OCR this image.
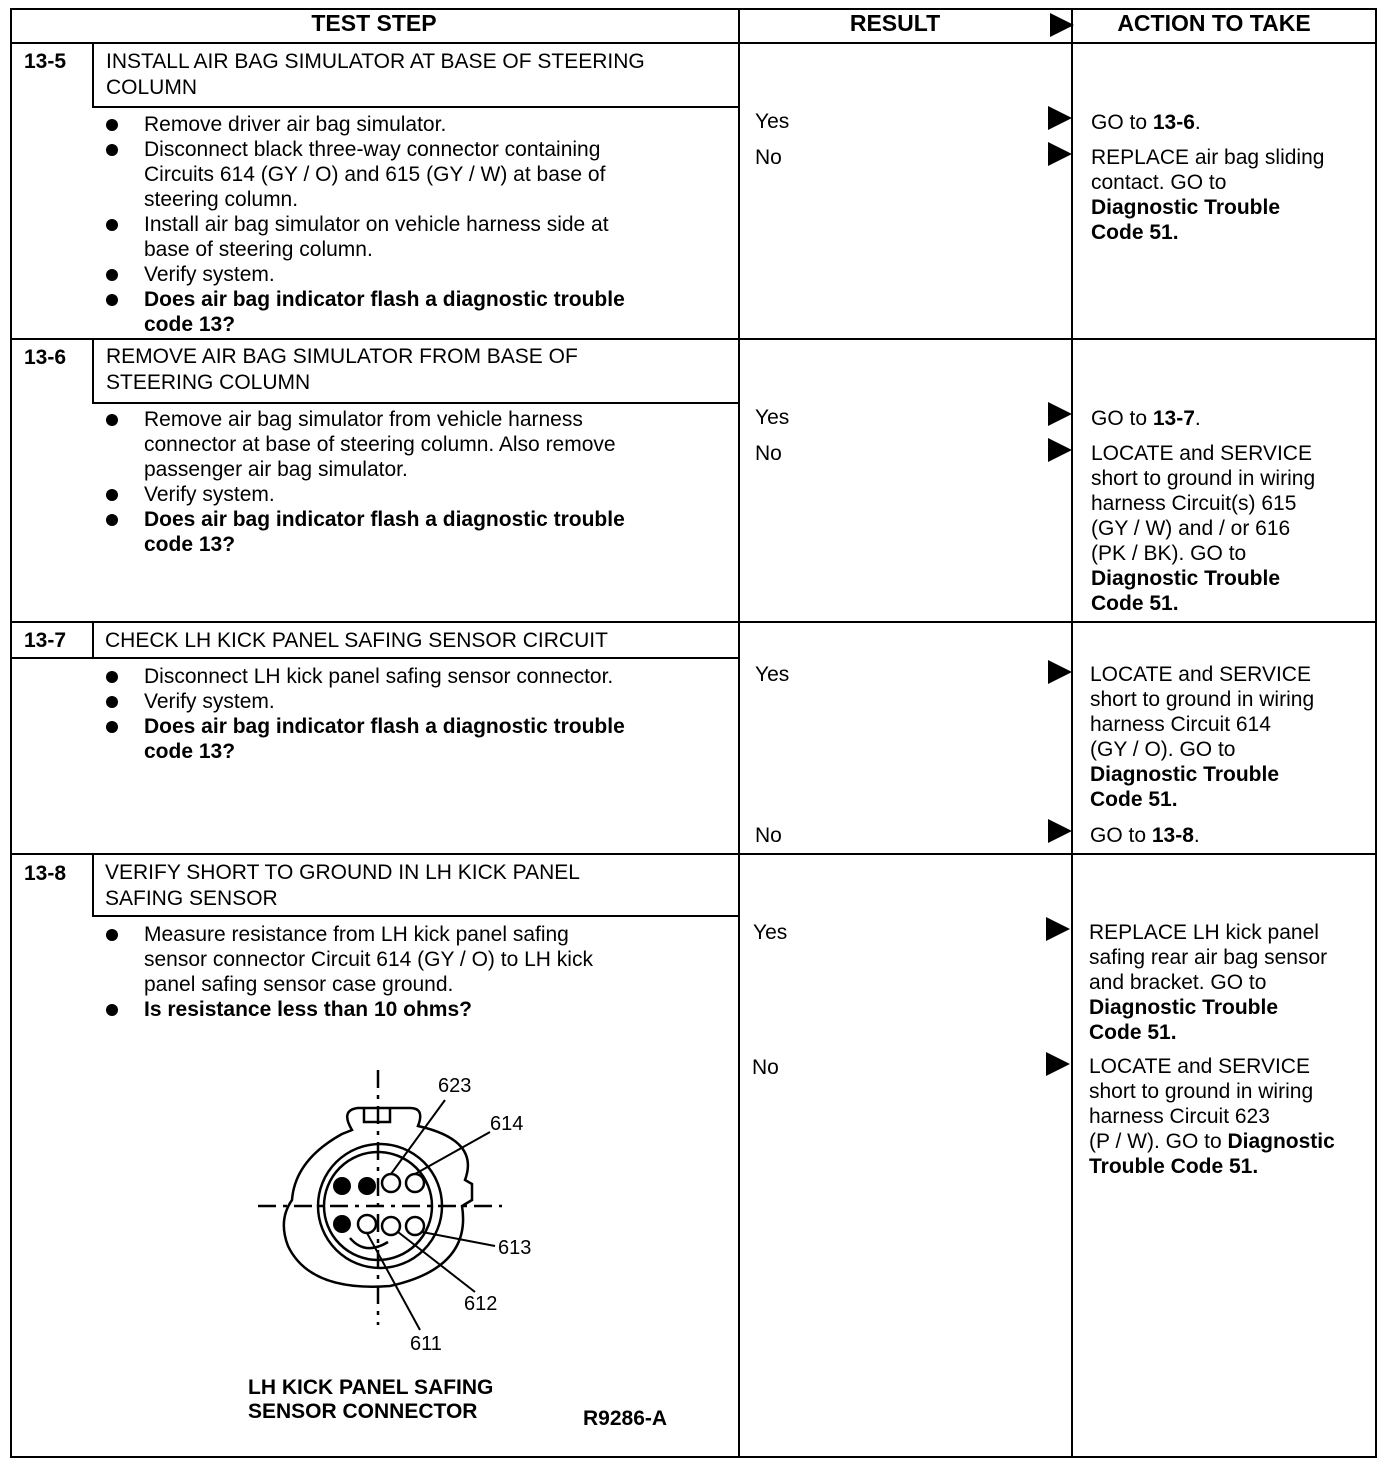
TEST STEP	RESULT	ACTION TO TAKE
13-5 INSTALL AIR BAG SIMULATOR AT BASE OF STEERING
COLUMN
Remove driver air bag simulator.
Disconnect black three-way connector containing
Circuits 614 (GY / O) and 615 (GY / W) at base of
steering column.
Install air bag simulator on vehicle harness side at
base of steering column.
Verify system.
Does air bag indicator flash a diagnostic trouble
code 13?
Yes	GO to 13-6.
No	REPLACE air bag sliding
contact. GO to
Diagnostic Trouble
Code 51.
13-6 REMOVE AIR BAG SIMULATOR FROM BASE OF
STEERING COLUMN
Remove air bag simulator from vehicle harness
connector at base of steering column. Also remove
passenger air bag simulator.
Verify system.
Does air bag indicator flash a diagnostic trouble
code 13?
Yes	GO to 13-7.
No	LOCATE and SERVICE
short to ground in wiring
harness Circuit(s) 615
(GY / W) and / or 616
(PK / BK). GO to
Diagnostic Trouble
Code 51.
13-7 CHECK LH KICK PANEL SAFING SENSOR CIRCUIT
Disconnect LH kick panel safing sensor connector.
Verify system.
Does air bag indicator flash a diagnostic trouble
code 13?
Yes	LOCATE and SERVICE
short to ground in wiring
harness Circuit 614
(GY / O). GO to
Diagnostic Trouble
Code 51.
No	GO to 13-8.
13-8 VERIFY SHORT TO GROUND IN LH KICK PANEL
SAFING SENSOR
Measure resistance from LH kick panel safing
sensor connector Circuit 614 (GY / O) to LH kick
panel safing sensor case ground.
Is resistance less than 10 ohms?
Yes	REPLACE LH kick panel
safing rear air bag sensor
and bracket. GO to
Diagnostic Trouble
Code 51.
No	LOCATE and SERVICE
short to ground in wiring
harness Circuit 623
(P / W). GO to Diagnostic
Trouble Code 51.
623
614
613
612
611
LH KICK PANEL SAFING
SENSOR CONNECTOR	R9286-A
